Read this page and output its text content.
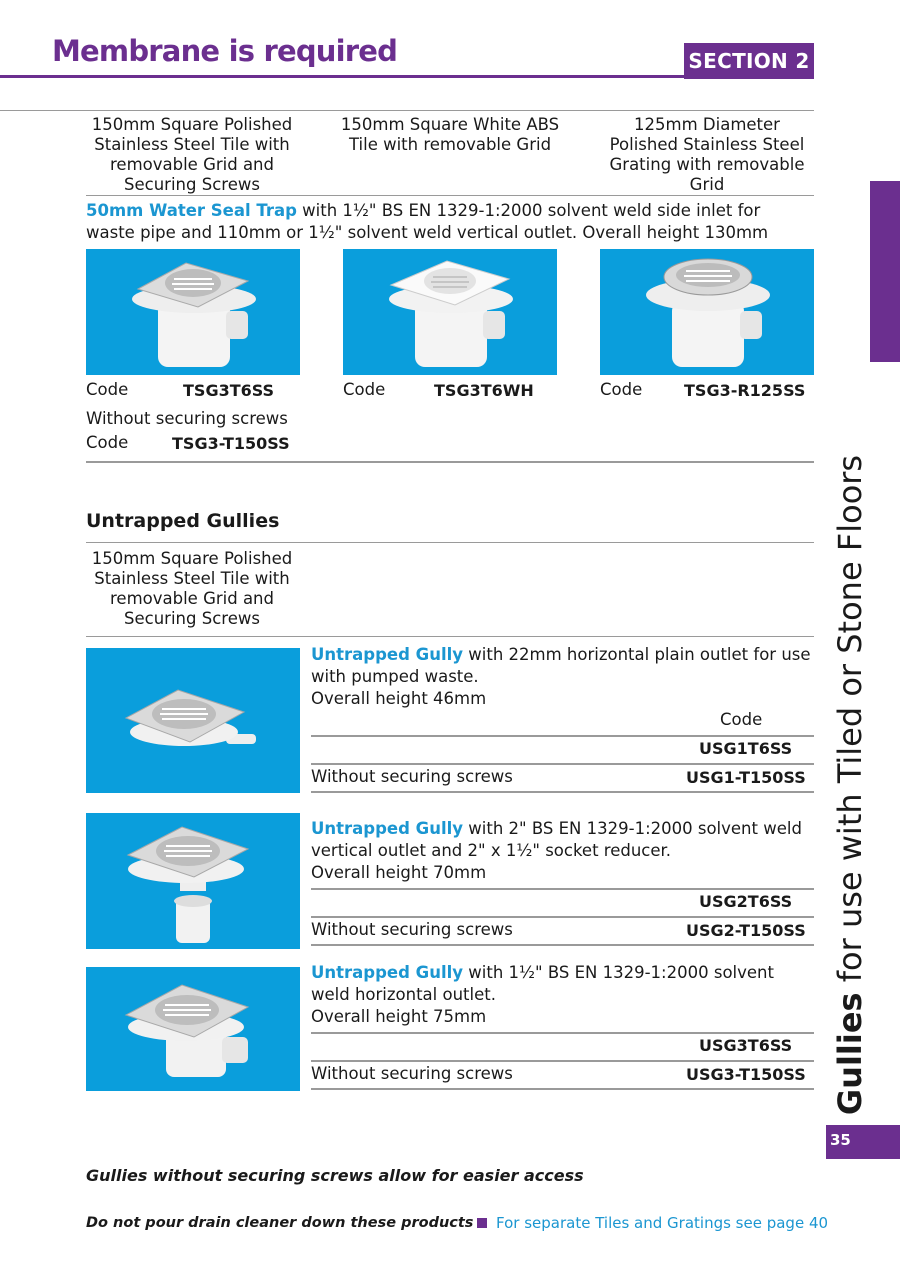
Membrane is required	SECTION 2
Gullies for use with Tiled or Stone Floors
35
150mm Square Polished Stainless Steel Tile with removable Grid and Securing Screws
150mm Square White ABS Tile with removable Grid
125mm Diameter Polished Stainless Steel Grating with removable Grid
50mm Water Seal Trap with 1½" BS EN 1329-1:2000 solvent weld side inlet for waste pipe and 110mm or 1½" solvent weld vertical outlet. Overall height 130mm
Code	TSG3T6SS	Code	TSG3T6WH	Code	TSG3-R125SS
Without securing screws
Code	TSG3-T150SS
Untrapped Gullies
150mm Square Polished Stainless Steel Tile with removable Grid and Securing Screws
Untrapped Gully with 22mm horizontal plain outlet for use with pumped waste.
Overall height 46mm
Code
USG1T6SS
Without securing screws	USG1-T150SS
Untrapped Gully with 2" BS EN 1329-1:2000 solvent weld vertical outlet and 2" x 1½" socket reducer.
Overall height 70mm
USG2T6SS
Without securing screws	USG2-T150SS
Untrapped Gully with 1½" BS EN 1329-1:2000 solvent weld horizontal outlet.
Overall height 75mm
USG3T6SS
Without securing screws	USG3-T150SS
Gullies without securing screws allow for easier access
Do not pour drain cleaner down these products For separate Tiles and Gratings see page 40
